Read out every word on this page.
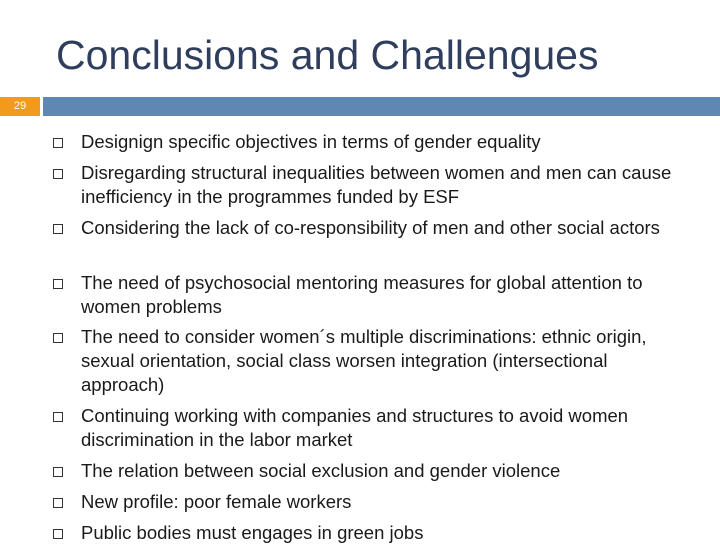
Conclusions and Challengues
29
Designign specific objectives in terms of gender equality
Disregarding structural inequalities between women and men can cause inefficiency in the programmes funded by ESF
Considering the lack of co-responsibility of men and other social actors
The need of psychosocial mentoring measures for global attention to women problems
The need to consider women´s multiple discriminations: ethnic origin, sexual orientation, social class worsen integration (intersectional approach)
Continuing working with companies and structures to avoid women discrimination in the labor market
The relation between social exclusion and gender violence
New profile: poor female workers
Public bodies must engages in green jobs
